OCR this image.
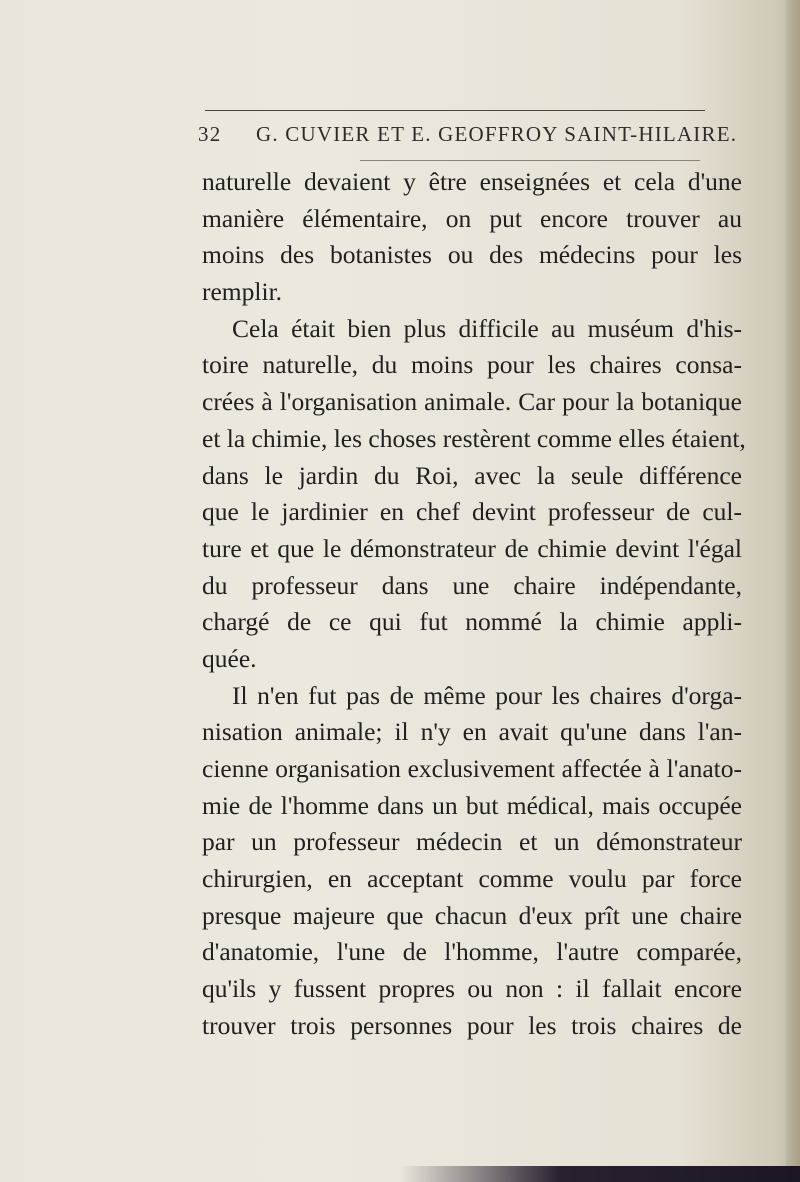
32 G. CUVIER ET E. GEOFFROY SAINT-HILAIRE.
naturelle devaient y être enseignées et cela d'une
manière élémentaire, on put encore trouver au
moins des botanistes ou des médecins pour les
remplir.
Cela était bien plus difficile au muséum d'his-
toire naturelle, du moins pour les chaires consa-
crées à l'organisation animale. Car pour la botanique
et la chimie, les choses restèrent comme elles étaient,
dans le jardin du Roi, avec la seule différence
que le jardinier en chef devint professeur de cul-
ture et que le démonstrateur de chimie devint l'égal
du professeur dans une chaire indépendante,
chargé de ce qui fut nommé la chimie appli-
quée.
Il n'en fut pas de même pour les chaires d'orga-
nisation animale; il n'y en avait qu'une dans l'an-
cienne organisation exclusivement affectée à l'anato-
mie de l'homme dans un but médical, mais occupée
par un professeur médecin et un démonstrateur
chirurgien, en acceptant comme voulu par force
presque majeure que chacun d'eux prît une chaire
d'anatomie, l'une de l'homme, l'autre comparée,
qu'ils y fussent propres ou non : il fallait encore
trouver trois personnes pour les trois chaires de
